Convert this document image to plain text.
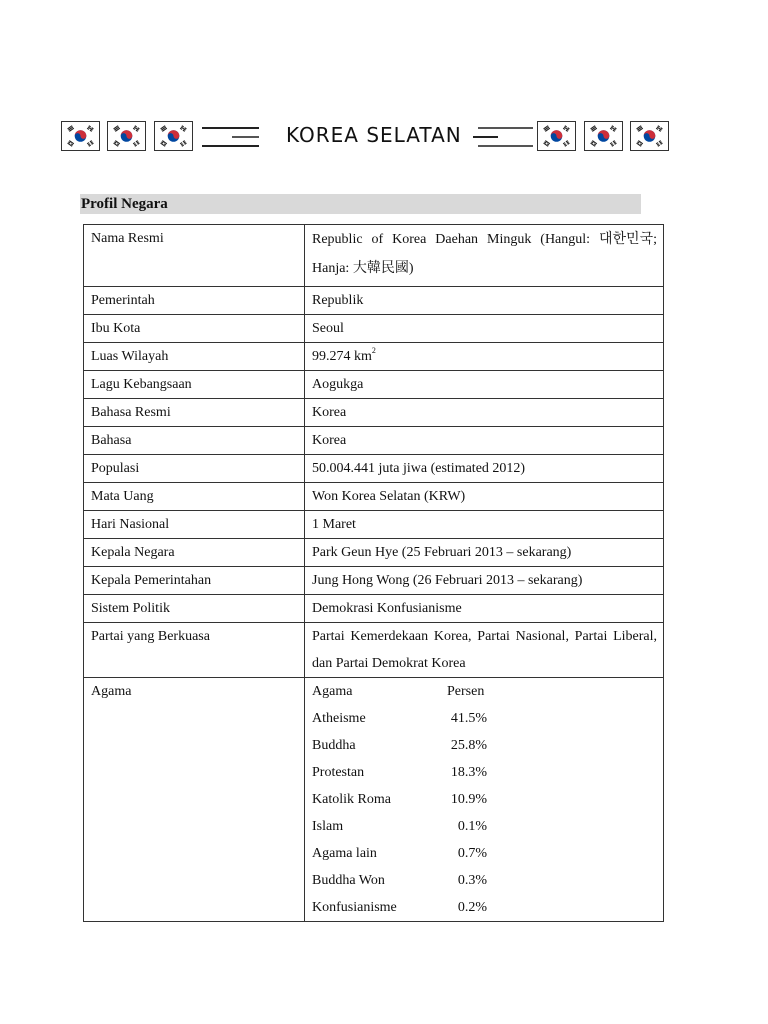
KOREA SELATAN
Profil Negara
Nama Resmi	Republic of Korea Daehan Minguk (Hangul: 대한민국; Hanja: 大韓民國)
Pemerintah	Republik
Ibu Kota	Seoul
Luas Wilayah	99.274 $km^2$
Lagu Kebangsaan	Aogukga
Bahasa Resmi	Korea
Bahasa	Korea
Populasi	50.004.441 juta jiwa (estimated 2012)
Mata Uang	Won Korea Selatan (KRW)
Hari Nasional	1 Maret
Kepala Negara	Park Geun Hye (25 Februari 2013 – sekarang)
Kepala Pemerintahan	Jung Hong Wong (26 Februari 2013 – sekarang)
Sistem Politik	Demokrasi Konfusianisme
Partai yang Berkuasa	Partai Kemerdekaan Korea, Partai Nasional, Partai Liberal, dan Partai Demokrat Korea
Agama	Agama	Persen
Atheisme	41.5%
Buddha	25.8%
Protestan	18.3%
Katolik Roma	10.9%
Islam	0.1%
Agama lain	0.7%
Buddha Won	0.3%
Konfusianisme	0.2%
